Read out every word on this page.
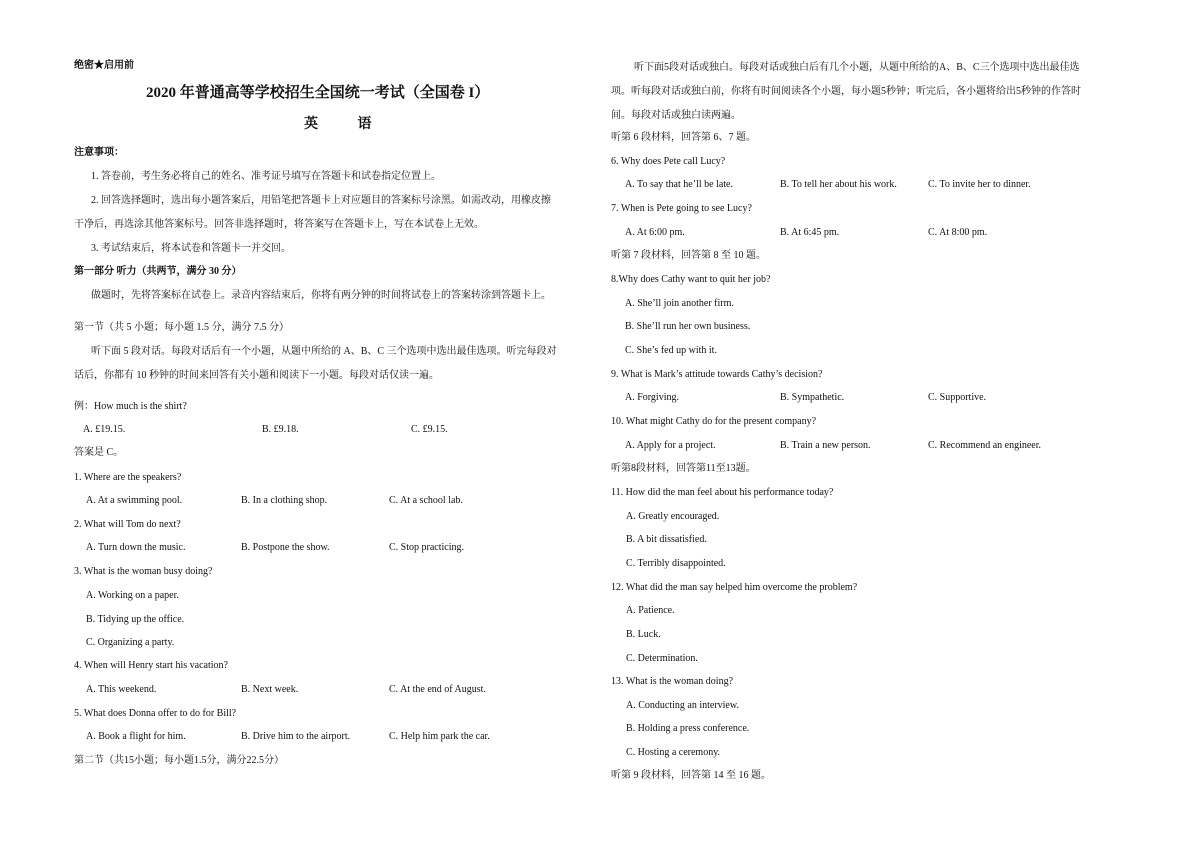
绝密★启用前
2020 年普通高等学校招生全国统一考试（全国卷 I）
英 语
注意事项：
1. 答卷前，考生务必将自己的姓名、准考证号填写在答题卡和试卷指定位置上。
2. 回答选择题时，选出每小题答案后，用铅笔把答题卡上对应题目的答案标号涂黑。如需改动，用橡皮擦
干净后，再选涂其他答案标号。回答非选择题时，将答案写在答题卡上，写在本试卷上无效。
3. 考试结束后，将本试卷和答题卡一并交回。
第一部分 听力（共两节，满分 30 分）
做题时，先将答案标在试卷上。录音内容结束后，你将有两分钟的时间将试卷上的答案转涂到答题卡上。
第一节（共 5 小题；每小题 1.5 分，满分 7.5 分）
听下面 5 段对话。每段对话后有一个小题，从题中所给的 A、B、C 三个选项中选出最佳选项。听完每段对
话后，你都有 10 秒钟的时间来回答有关小题和阅读下一小题。每段对话仅读一遍。
例：How much is the shirt?
A. £19.15.	B. £9.18.	C. £9.15.
答案是 C。
1. Where are the speakers?
A. At a swimming pool.	B. In a clothing shop.	C. At a school lab.
2. What will Tom do next?
A. Turn down the music.	B. Postpone the show.	C. Stop practicing.
3. What is the woman busy doing?
A. Working on a paper.
B. Tidying up the office.
C. Organizing a party.
4. When will Henry start his vacation?
A. This weekend.	B. Next week.	C. At the end of August.
5. What does Donna offer to do for Bill?
A. Book a flight for him.	B. Drive him to the airport.	C. Help him park the car.
第二节（共15小题；每小题1.5分，满分22.5分）
听下面5段对话或独白。每段对话或独白后有几个小题，从题中所给的A、B、C三个选项中选出最佳选
项。听每段对话或独白前，你将有时间阅读各个小题，每小题5秒钟；听完后，各小题将给出5秒钟的作答时
间。每段对话或独白读两遍。
听第 6 段材料，回答第 6、7 题。
6. Why does Pete call Lucy?
A. To say that he’ll be late.	B. To tell her about his work.	C. To invite her to dinner.
7. When is Pete going to see Lucy?
A. At 6:00 pm.	B. At 6:45 pm.	C. At 8:00 pm.
听第 7 段材料，回答第 8 至 10 题。
8.Why does Cathy want to quit her job?
A. She’ll join another firm.
B. She’ll run her own business.
C. She’s fed up with it.
9. What is Mark’s attitude towards Cathy’s decision?
A. Forgiving.	B. Sympathetic.	C. Supportive.
10. What might Cathy do for the present company?
A. Apply for a project.	B. Train a new person.	C. Recommend an engineer.
听第8段材料，回答第11至13题。
11. How did the man feel about his performance today?
A. Greatly encouraged.
B. A bit dissatisfied.
C. Terribly disappointed.
12. What did the man say helped him overcome the problem?
A. Patience.
B. Luck.
C. Determination.
13. What is the woman doing?
A. Conducting an interview.
B. Holding a press conference.
C. Hosting a ceremony.
听第 9 段材料，回答第 14 至 16 题。
